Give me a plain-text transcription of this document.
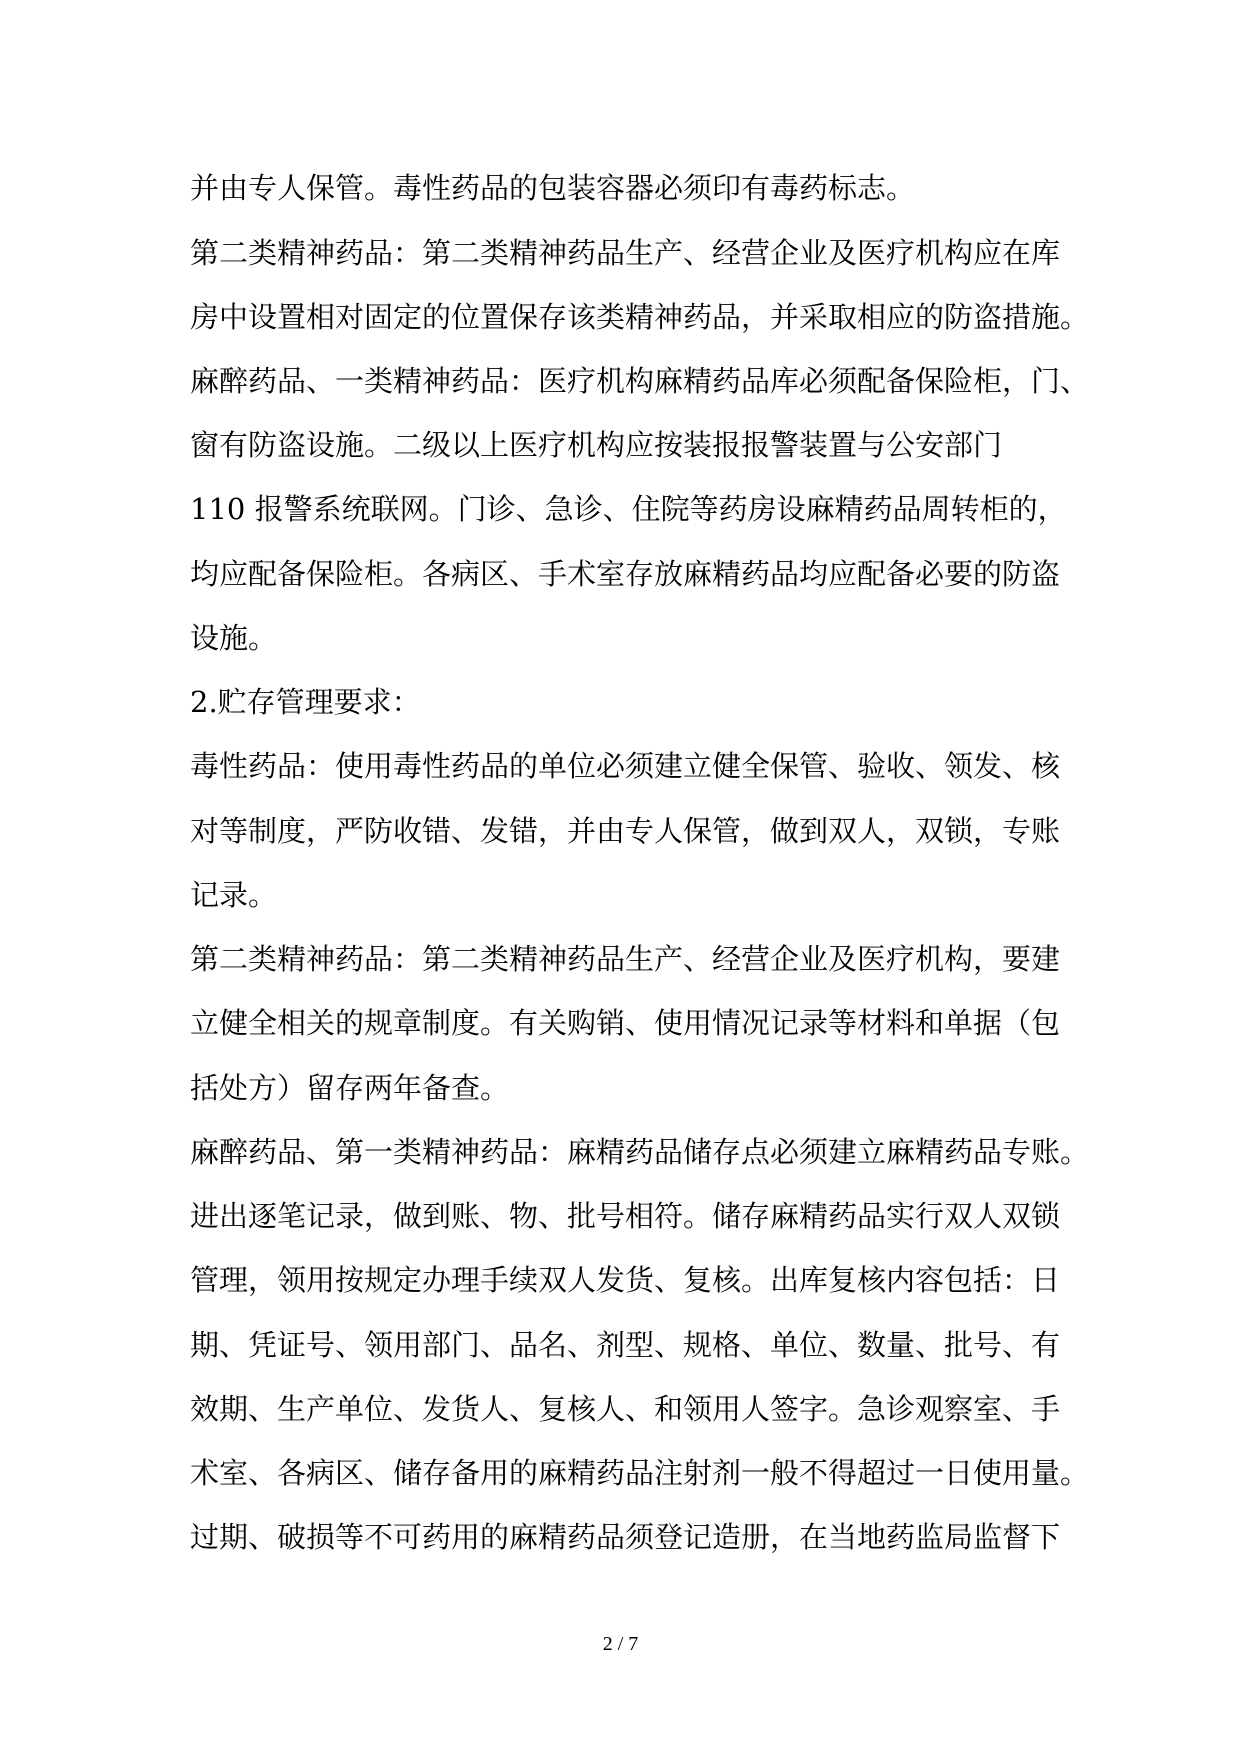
并由专人保管。毒性药品的包装容器必须印有毒药标志。
第二类精神药品：第二类精神药品生产、经营企业及医疗机构应在库
房中设置相对固定的位置保存该类精神药品，并采取相应的防盗措施。
麻醉药品、一类精神药品：医疗机构麻精药品库必须配备保险柜，门、
窗有防盗设施。二级以上医疗机构应按装报报警装置与公安部门
110 报警系统联网。门诊、急诊、住院等药房设麻精药品周转柜的，
均应配备保险柜。各病区、手术室存放麻精药品均应配备必要的防盗
设施。
2.贮存管理要求：
毒性药品：使用毒性药品的单位必须建立健全保管、验收、领发、核
对等制度，严防收错、发错，并由专人保管，做到双人，双锁，专账
记录。
第二类精神药品：第二类精神药品生产、经营企业及医疗机构，要建
立健全相关的规章制度。有关购销、使用情况记录等材料和单据（包
括处方）留存两年备查。
麻醉药品、第一类精神药品：麻精药品储存点必须建立麻精药品专账。
进出逐笔记录，做到账、物、批号相符。储存麻精药品实行双人双锁
管理，领用按规定办理手续双人发货、复核。出库复核内容包括：日
期、凭证号、领用部门、品名、剂型、规格、单位、数量、批号、有
效期、生产单位、发货人、复核人、和领用人签字。急诊观察室、手
术室、各病区、储存备用的麻精药品注射剂一般不得超过一日使用量。
过期、破损等不可药用的麻精药品须登记造册，在当地药监局监督下
2 / 7
